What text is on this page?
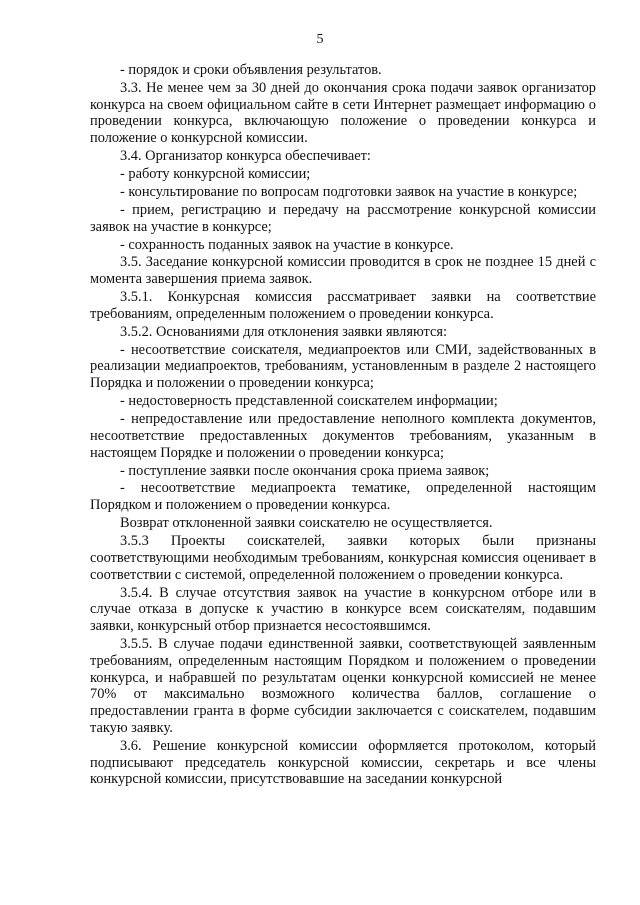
5

- порядок и сроки объявления результатов.

3.3. Не менее чем за 30 дней до окончания срока подачи заявок организатор конкурса на своем официальном сайте в сети Интернет размещает информацию о проведении конкурса, включающую положение о проведении конкурса и положение о конкурсной комиссии.

3.4. Организатор конкурса обеспечивает:

- работу конкурсной комиссии;

- консультирование по вопросам подготовки заявок на участие в конкурсе;

- прием, регистрацию и передачу на рассмотрение конкурсной комиссии заявок на участие в конкурсе;

- сохранность поданных заявок на участие в конкурсе.

3.5. Заседание конкурсной комиссии проводится в срок не позднее 15 дней с момента завершения приема заявок.

3.5.1. Конкурсная комиссия рассматривает заявки на соответствие требованиям, определенным положением о проведении конкурса.

3.5.2. Основаниями для отклонения заявки являются:

- несоответствие соискателя, медиапроектов или СМИ, задействованных в реализации медиапроектов, требованиям, установленным в разделе 2 настоящего Порядка и положении о проведении конкурса;

- недостоверность представленной соискателем информации;

- непредоставление или предоставление неполного комплекта документов, несоответствие предоставленных документов требованиям, указанным в настоящем Порядке и положении о проведении конкурса;

- поступление заявки после окончания срока приема заявок;

- несоответствие медиапроекта тематике, определенной настоящим Порядком и положением о проведении конкурса.

Возврат отклоненной заявки соискателю не осуществляется.

3.5.3 Проекты соискателей, заявки которых были признаны соответствующими необходимым требованиям, конкурсная комиссия оценивает в соответствии с системой, определенной положением о проведении конкурса.

3.5.4. В случае отсутствия заявок на участие в конкурсном отборе или в случае отказа в допуске к участию в конкурсе всем соискателям, подавшим заявки, конкурсный отбор признается несостоявшимся.

3.5.5. В случае подачи единственной заявки, соответствующей заявленным требованиям, определенным настоящим Порядком и положением о проведении конкурса, и набравшей по результатам оценки конкурсной комиссией не менее 70% от максимально возможного количества баллов, соглашение о предоставлении гранта в форме субсидии заключается с соискателем, подавшим такую заявку.

3.6. Решение конкурсной комиссии оформляется протоколом, который подписывают председатель конкурсной комиссии, секретарь и все члены конкурсной комиссии, присутствовавшие на заседании конкурсной
